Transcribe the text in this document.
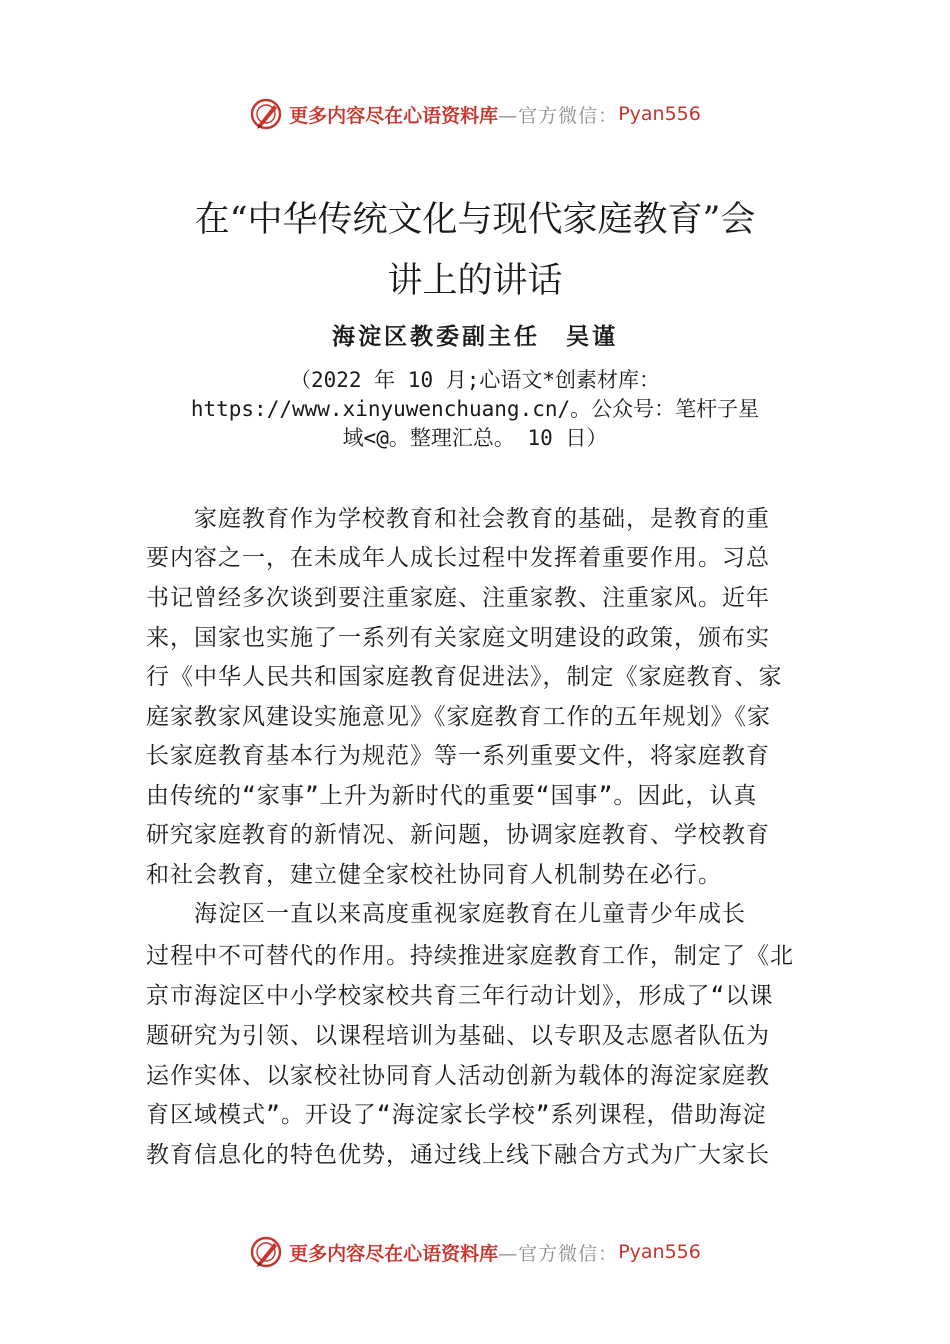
更多内容尽在心语资料库 —官方微信： Pyan556
在“中华传统文化与现代家庭教育”会
讲上的讲话
海淀区教委副主任　吴谨
（2022 年 10 月;心语文*创素材库：
https://www.xinyuwenchuang.cn/。公众号：笔杆子星
域<@。整理汇总。 10 日）
　　家庭教育作为学校教育和社会教育的基础，是教育的重
要内容之一，在未成年人成长过程中发挥着重要作用。习总
书记曾经多次谈到要注重家庭、注重家教、注重家风。近年
来，国家也实施了一系列有关家庭文明建设的政策，颁布实
行《中华人民共和国家庭教育促进法》，制定《家庭教育、家
庭家教家风建设实施意见》《家庭教育工作的五年规划》《家
长家庭教育基本行为规范》等一系列重要文件，将家庭教育
由传统的“家事”上升为新时代的重要“国事”。因此，认真
研究家庭教育的新情况、新问题，协调家庭教育、学校教育
和社会教育，建立健全家校社协同育人机制势在必行。
　　海淀区一直以来高度重视家庭教育在儿童青少年成长
过程中不可替代的作用。持续推进家庭教育工作，制定了《北
京市海淀区中小学校家校共育三年行动计划》，形成了“以课
题研究为引领、以课程培训为基础、以专职及志愿者队伍为
运作实体、以家校社协同育人活动创新为载体的海淀家庭教
育区域模式”。开设了“海淀家长学校”系列课程，借助海淀
教育信息化的特色优势，通过线上线下融合方式为广大家长
更多内容尽在心语资料库 —官方微信： Pyan556
